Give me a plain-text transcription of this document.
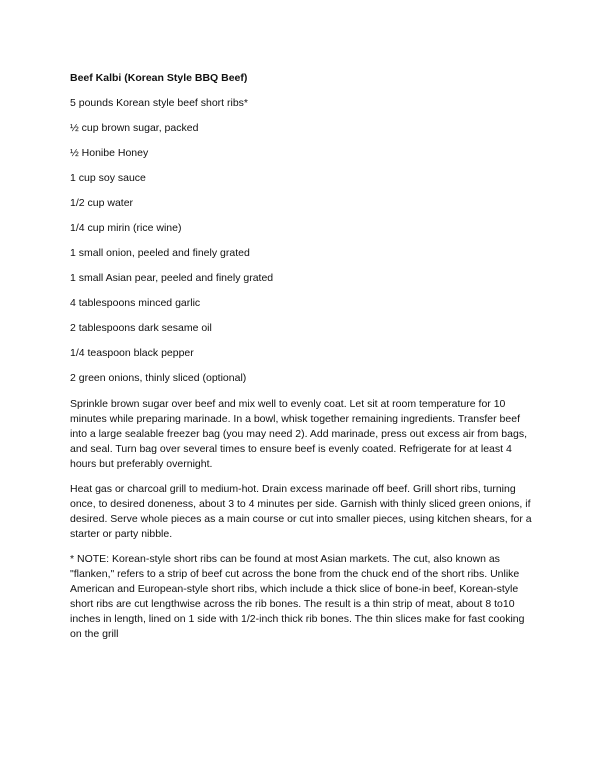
Beef Kalbi (Korean Style BBQ Beef)
5 pounds Korean style beef short ribs*
½ cup brown sugar, packed
½ Honibe Honey
1 cup soy sauce
1/2 cup water
1/4 cup mirin (rice wine)
1 small onion, peeled and finely grated
1 small Asian pear, peeled and finely grated
4 tablespoons minced garlic
2 tablespoons dark sesame oil
1/4 teaspoon black pepper
2 green onions, thinly sliced (optional)

Sprinkle brown sugar over beef and mix well to evenly coat. Let sit at room temperature for 10 minutes while preparing marinade. In a bowl, whisk together remaining ingredients. Transfer beef into a large sealable freezer bag (you may need 2). Add marinade, press out excess air from bags, and seal. Turn bag over several times to ensure beef is evenly coated. Refrigerate for at least 4 hours but preferably overnight.

Heat gas or charcoal grill to medium-hot. Drain excess marinade off beef. Grill short ribs, turning once, to desired doneness, about 3 to 4 minutes per side. Garnish with thinly sliced green onions, if desired. Serve whole pieces as a main course or cut into smaller pieces, using kitchen shears, for a starter or party nibble.

* NOTE: Korean-style short ribs can be found at most Asian markets. The cut, also known as "flanken," refers to a strip of beef cut across the bone from the chuck end of the short ribs. Unlike American and European-style short ribs, which include a thick slice of bone-in beef, Korean-style short ribs are cut lengthwise across the rib bones. The result is a thin strip of meat, about 8 to10 inches in length, lined on 1 side with 1/2-inch thick rib bones. The thin slices make for fast cooking on the grill
